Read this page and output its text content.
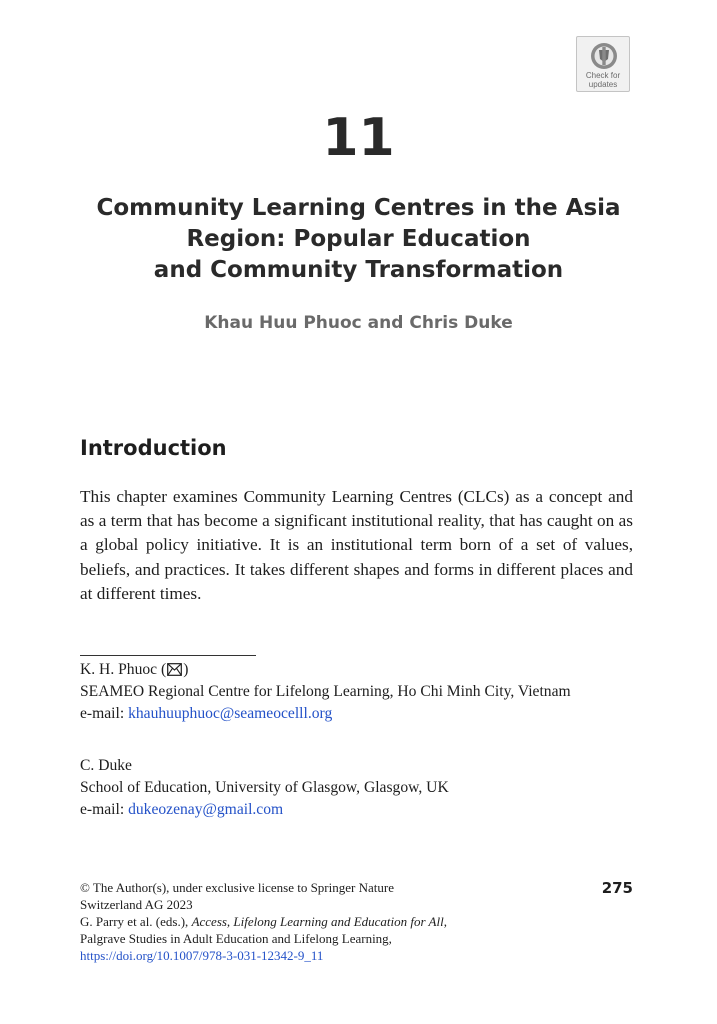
Check for
updates
11
Community Learning Centres in the Asia
Region: Popular Education
and Community Transformation
Khau Huu Phuoc and Chris Duke
Introduction

This chapter examines Community Learning Centres (CLCs) as a concept and as a term that has become a significant institutional reality, that has caught on as a global policy initiative. It is an institutional term born of a set of values, beliefs, and practices. It takes different shapes and forms in different places and at different times.

K. H. Phuoc ( )

SEAMEO Regional Centre for Lifelong Learning, Ho Chi Minh City, Vietnam

e-mail: khauhuuphuoc@seameocelll.org

C. Duke

School of Education, University of Glasgow, Glasgow, UK

e-mail: dukeozenay@gmail.com

© The Author(s), under exclusive license to Springer Nature

Switzerland AG 2023

G. Parry et al. (eds.), Access, Lifelong Learning and Education for All,

Palgrave Studies in Adult Education and Lifelong Learning,

https://doi.org/10.1007/978-3-031-12342-9_11

275
